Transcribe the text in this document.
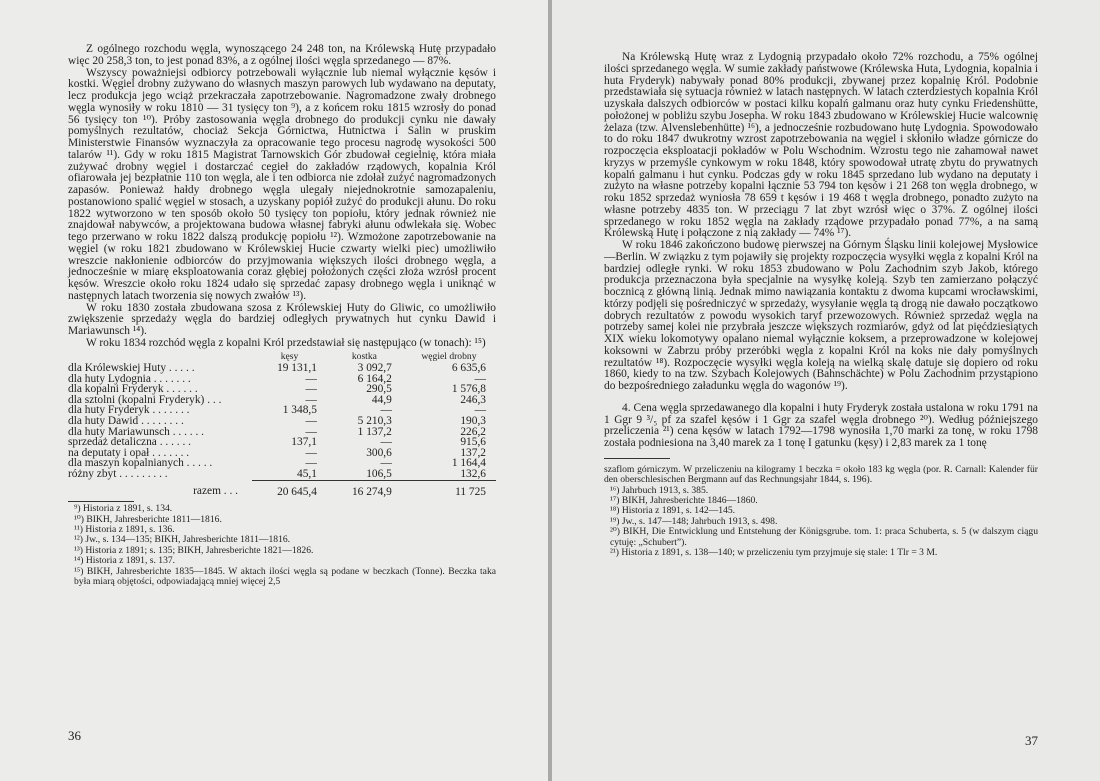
Z ogólnego rozchodu węgla, wynoszącego 24 248 ton, na Królewską Hutę przypadało więc 20 258,3 ton, to jest ponad 83%, a z ogólnej ilości węgla sprzedanego — 87%.

Wszyscy poważniejsi odbiorcy potrzebowali wyłącznie lub niemal wyłącznie kęsów i kostki. Węgiel drobny zużywano do własnych maszyn parowych lub wydawano na deputaty, lecz produkcja jego wciąż przekraczała zapotrzebowanie. Nagromadzone zwały drobnego węgla wynosiły w roku 1810 — 31 tysięcy ton ⁹), a z końcem roku 1815 wzrosły do ponad 56 tysięcy ton ¹⁰). Próby zastosowania węgla drobnego do produkcji cynku nie dawały pomyślnych rezultatów, chociaż Sekcja Górnictwa, Hutnictwa i Salin w pruskim Ministerstwie Finansów wyznaczyła za opracowanie tego procesu nagrodę wysokości 500 talarów ¹¹). Gdy w roku 1815 Magistrat Tarnowskich Gór zbudował cegielnię, która miała zużywać drobny węgiel i dostarczać cegieł do zakładów rządowych, kopalnia Król ofiarowała jej bezpłatnie 110 ton węgla, ale i ten odbiorca nie zdołał zużyć nagromadzonych zapasów. Ponieważ hałdy drobnego węgla ulegały niejednokrotnie samozapaleniu, postanowiono spalić węgiel w stosach, a uzyskany popiół zużyć do produkcji ałunu. Do roku 1822 wytworzono w ten sposób około 50 tysięcy ton popiołu, który jednak również nie znajdował nabywców, a projektowana budowa własnej fabryki ałunu odwlekała się. Wobec tego przerwano w roku 1822 dalszą produkcję popiołu ¹²). Wzmożone zapotrzebowanie na węgiel (w roku 1821 zbudowano w Królewskiej Hucie czwarty wielki piec) umożliwiło wreszcie nakłonienie odbiorców do przyjmowania większych ilości drobnego węgla, a jednocześnie w miarę eksploatowania coraz głębiej położonych części złoża wzrósł procent kęsów. Wreszcie około roku 1824 udało się sprzedać zapasy drobnego węgla i uniknąć w następnych latach tworzenia się nowych zwałów ¹³).

W roku 1830 została zbudowana szosa z Królewskiej Huty do Gliwic, co umożliwiło zwiększenie sprzedaży węgla do bardziej odległych prywatnych hut cynku Dawid i Mariawunsch ¹⁴).

W roku 1834 rozchód węgla z kopalni Król przedstawiał się następująco (w tonach): ¹⁵)

	kęsy	kostka	węgiel drobny
dla Królewskiej Huty . . . . .	19 131,1	3 092,7	6 635,6
dla huty Lydognia . . . . . . .	—	6 164,2	—
dla kopalni Fryderyk . . . . . .	—	290,5	1 576,8
dla sztolni (kopalni Fryderyk) . . .	—	44,9	246,3
dla huty Fryderyk . . . . . . .	1 348,5	—	—
dla huty Dawid . . . . . . . .	—	5 210,3	190,3
dla huty Mariawunsch . . . . . .	—	1 137,2	226,2
sprzedaż detaliczna . . . . . .	137,1	—	915,6
na deputaty i opał . . . . . . .	—	300,6	137,2
dla maszyn kopalnianych . . . . .	—	—	1 164,4
różny zbyt . . . . . . . . .	45,1	106,5	132,6
razem . . .	20 645,4	16 274,9	11 725
⁹) Historia z 1891, s. 134.
¹⁰) BIKH, Jahresberichte 1811—1816.
¹¹) Historia z 1891, s. 136.
¹²) Jw., s. 134—135; BIKH, Jahresberichte 1811—1816.
¹³) Historia z 1891; s. 135; BIKH, Jahresberichte 1821—1826.
¹⁴) Historia z 1891, s. 137.
¹⁵) BIKH, Jahresberichte 1835—1845. W aktach ilości węgla są podane w beczkach (Tonne). Beczka taka była miarą objętości, odpowiadającą mniej więcej 2,5
36

Na Królewską Hutę wraz z Lydognią przypadało około 72% rozchodu, a 75% ogólnej ilości sprzedanego węgla. W sumie zakłady państwowe (Królewska Huta, Lydognia, kopalnia i huta Fryderyk) nabywały ponad 80% produkcji, zbywanej przez kopalnię Król. Podobnie przedstawiała się sytuacja również w latach następnych. W latach czterdziestych kopalnia Król uzyskała dalszych odbiorców w postaci kilku kopalń galmanu oraz huty cynku Friedenshütte, położonej w pobliżu szybu Josepha. W roku 1843 zbudowano w Królewskiej Hucie walcownię żelaza (tzw. Alvenslebenhütte) ¹⁶), a jednocześnie rozbudowano hutę Lydognia. Spowodowało to do roku 1847 dwukrotny wzrost zapotrzebowania na węgiel i skłoniło władze górnicze do rozpoczęcia eksploatacji pokładów w Polu Wschodnim. Wzrostu tego nie zahamował nawet kryzys w przemyśle cynkowym w roku 1848, który spowodował utratę zbytu do prywatnych kopalń galmanu i hut cynku. Podczas gdy w roku 1845 sprzedano lub wydano na deputaty i zużyto na własne potrzeby kopalni łącznie 53 794 ton kęsów i 21 268 ton węgla drobnego, w roku 1852 sprzedaż wyniosła 78 659 t kęsów i 19 468 t węgla drobnego, ponadto zużyto na własne potrzeby 4835 ton. W przeciągu 7 lat zbyt wzrósł więc o 37%. Z ogólnej ilości sprzedanego w roku 1852 węgla na zakłady rządowe przypadało ponad 77%, a na samą Królewską Hutę i połączone z nią zakłady — 74% ¹⁷).

W roku 1846 zakończono budowę pierwszej na Górnym Śląsku linii kolejowej Mysłowice—Berlin. W związku z tym pojawiły się projekty rozpoczęcia wysyłki węgla z kopalni Król na bardziej odległe rynki. W roku 1853 zbudowano w Polu Zachodnim szyb Jakob, którego produkcja przeznaczona była specjalnie na wysyłkę koleją. Szyb ten zamierzano połączyć bocznicą z główną linią. Jednak mimo nawiązania kontaktu z dwoma kupcami wrocławskimi, którzy podjęli się pośredniczyć w sprzedaży, wysyłanie węgla tą drogą nie dawało początkowo dobrych rezultatów z powodu wysokich taryf przewozowych. Również sprzedaż węgla na potrzeby samej kolei nie przybrała jeszcze większych rozmiarów, gdyż od lat pięćdziesiątych XIX wieku lokomotywy opalano niemal wyłącznie koksem, a przeprowadzone w kolejowej koksowni w Zabrzu próby przeróbki węgla z kopalni Król na koks nie dały pomyślnych rezultatów ¹⁸). Rozpoczęcie wysyłki węgla koleją na wielką skalę datuje się dopiero od roku 1860, kiedy to na tzw. Szybach Kolejowych (Bahnschächte) w Polu Zachodnim przystąpiono do bezpośredniego załadunku węgla do wagonów ¹⁹).

4. Cena węgla sprzedawanego dla kopalni i huty Fryderyk została ustalona w roku 1791 na 1 Ggr 9 ³/₅ pf za szafel kęsów i 1 Ggr za szafel węgla drobnego ²⁰). Według późniejszego przeliczenia ²¹) cena kęsów w latach 1792—1798 wynosiła 1,70 marki za tonę, w roku 1798 została podniesiona na 3,40 marek za 1 tonę I gatunku (kęsy) i 2,83 marek za 1 tonę

szaflom górniczym. W przeliczeniu na kilogramy 1 beczka = około 183 kg węgla (por. R. Carnall: Kalender für den oberschlesischen Bergmann auf das Rechnungsjahr 1844, s. 196).
¹⁶) Jahrbuch 1913, s. 385.
¹⁷) BIKH, Jahresberichte 1846—1860.
¹⁸) Historia z 1891, s. 142—145.
¹⁹) Jw., s. 147—148; Jahrbuch 1913, s. 498.
²⁰) BIKH, Die Entwicklung und Entstehung der Königsgrube. tom. 1: praca Schuberta, s. 5 (w dalszym ciągu cytuję: „Schubert”).
²¹) Historia z 1891, s. 138—140; w przeliczeniu tym przyjmuje się stale: 1 Tlr = 3 M.
37
